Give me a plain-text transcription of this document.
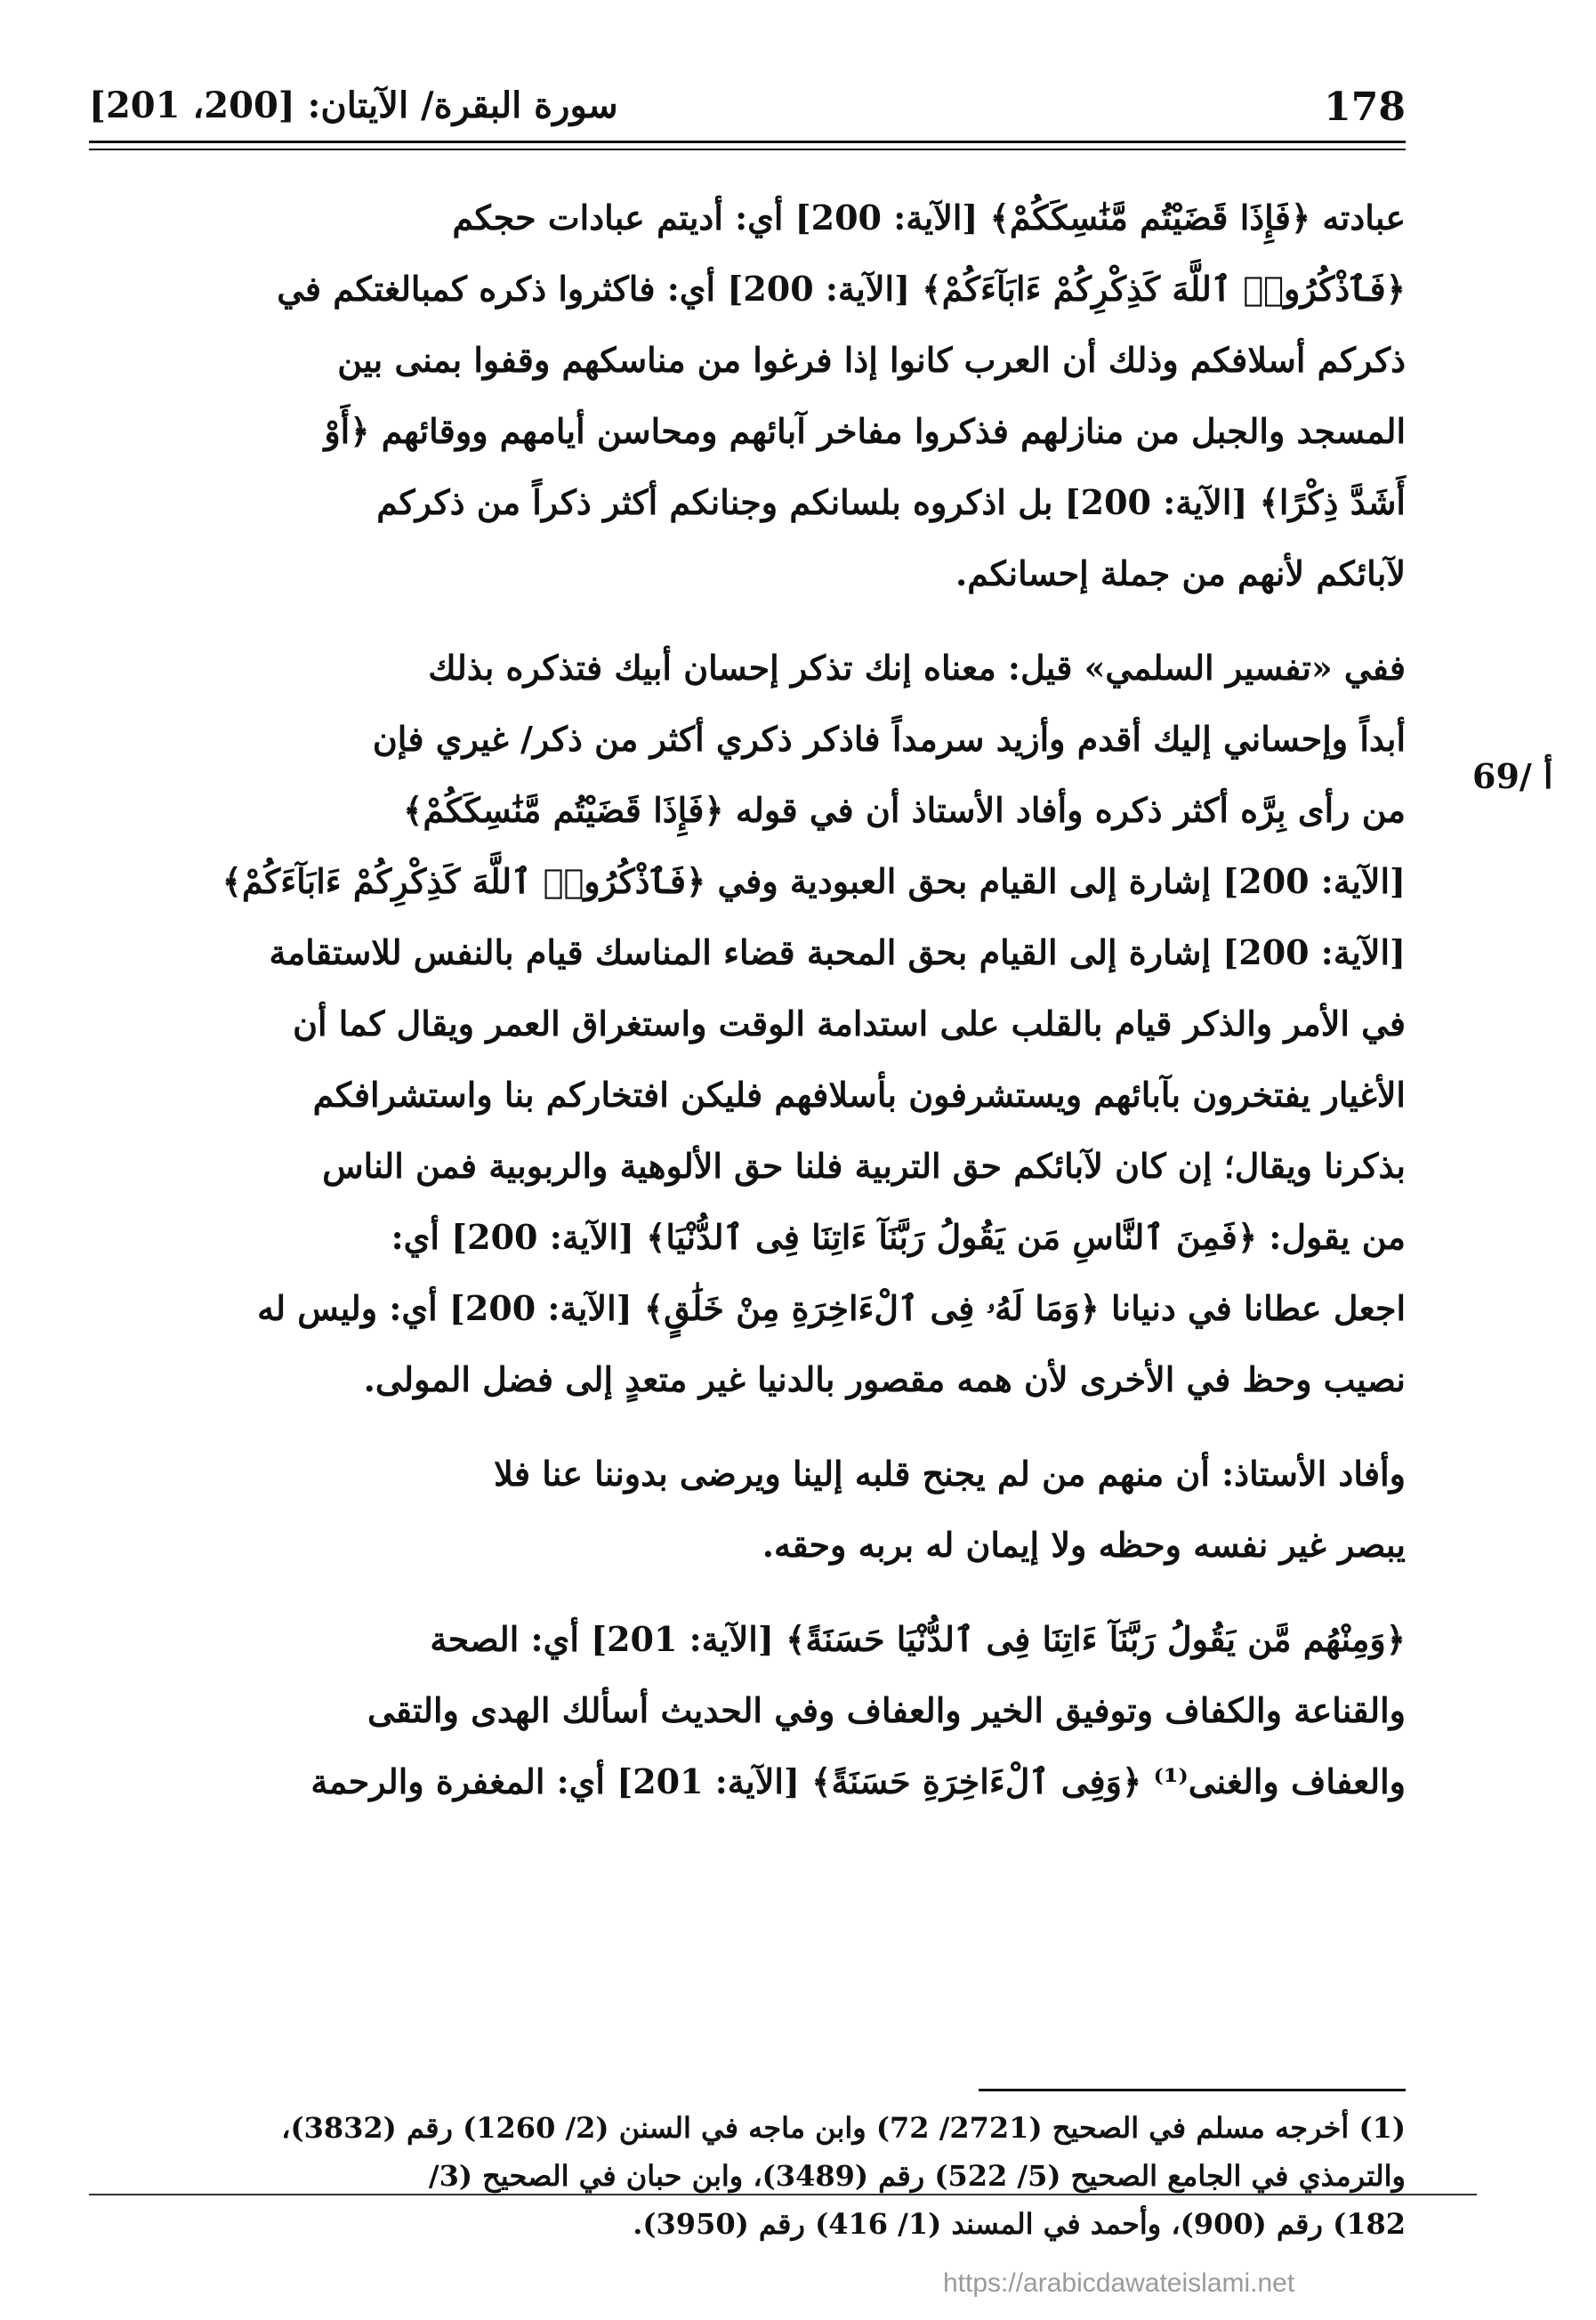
178
سورة البقرة/ الآيتان: [200، 201]
69/ أ

عبادته ﴿فَإِذَا قَضَيْتُم مَّنَٰسِكَكُمْ﴾ [الآية: 200] أي: أديتم عبادات حجكم
﴿فَٱذْكُرُوا۟ ٱللَّهَ كَذِكْرِكُمْ ءَابَآءَكُمْ﴾ [الآية: 200] أي: فاكثروا ذكره كمبالغتكم في
ذكركم أسلافكم وذلك أن العرب كانوا إذا فرغوا من مناسكهم وقفوا بمنى بين
المسجد والجبل من منازلهم فذكروا مفاخر آبائهم ومحاسن أيامهم ووقائهم ﴿أَوْ
أَشَدَّ ذِكْرًا﴾ [الآية: 200] بل اذكروه بلسانكم وجنانكم أكثر ذكراً من ذكركم
لآبائكم لأنهم من جملة إحسانكم.

ففي «تفسير السلمي» قيل: معناه إنك تذكر إحسان أبيك فتذكره بذلك
أبداً وإحساني إليك أقدم وأزيد سرمداً فاذكر ذكري أكثر من ذكر/ غيري فإن
من رأى بِرَّه أكثر ذكره وأفاد الأستاذ أن في قوله ﴿فَإِذَا قَضَيْتُم مَّنَٰسِكَكُمْ﴾
[الآية: 200] إشارة إلى القيام بحق العبودية وفي ﴿فَٱذْكُرُوا۟ ٱللَّهَ كَذِكْرِكُمْ ءَابَآءَكُمْ﴾
[الآية: 200] إشارة إلى القيام بحق المحبة قضاء المناسك قيام بالنفس للاستقامة
في الأمر والذكر قيام بالقلب على استدامة الوقت واستغراق العمر ويقال كما أن
الأغيار يفتخرون بآبائهم ويستشرفون بأسلافهم فليكن افتخاركم بنا واستشرافكم
بذكرنا ويقال؛ إن كان لآبائكم حق التربية فلنا حق الألوهية والربوبية فمن الناس
من يقول: ﴿فَمِنَ ٱلنَّاسِ مَن يَقُولُ رَبَّنَآ ءَاتِنَا فِى ٱلدُّنْيَا﴾ [الآية: 200] أي:
اجعل عطانا في دنيانا ﴿وَمَا لَهُۥ فِى ٱلْءَاخِرَةِ مِنْ خَلَٰقٍ﴾ [الآية: 200] أي: وليس له
نصيب وحظ في الأخرى لأن همه مقصور بالدنيا غير متعدٍ إلى فضل المولى.

وأفاد الأستاذ: أن منهم من لم يجنح قلبه إلينا ويرضى بدوننا عنا فلا
يبصر غير نفسه وحظه ولا إيمان له بربه وحقه.

﴿وَمِنْهُم مَّن يَقُولُ رَبَّنَآ ءَاتِنَا فِى ٱلدُّنْيَا حَسَنَةً﴾ [الآية: 201] أي: الصحة
والقناعة والكفاف وتوفيق الخير والعفاف وفي الحديث أسألك الهدى والتقى
والعفاف والغنى⁽¹⁾ ﴿وَفِى ٱلْءَاخِرَةِ حَسَنَةً﴾ [الآية: 201] أي: المغفرة والرحمة

(1) أخرجه مسلم في الصحيح (2721/ 72) وابن ماجه في السنن (2/ 1260) رقم (3832)،
والترمذي في الجامع الصحيح (5/ 522) رقم (3489)، وابن حبان في الصحيح (3/
182) رقم (900)، وأحمد في المسند (1/ 416) رقم (3950).
https://arabicdawateislami.net
